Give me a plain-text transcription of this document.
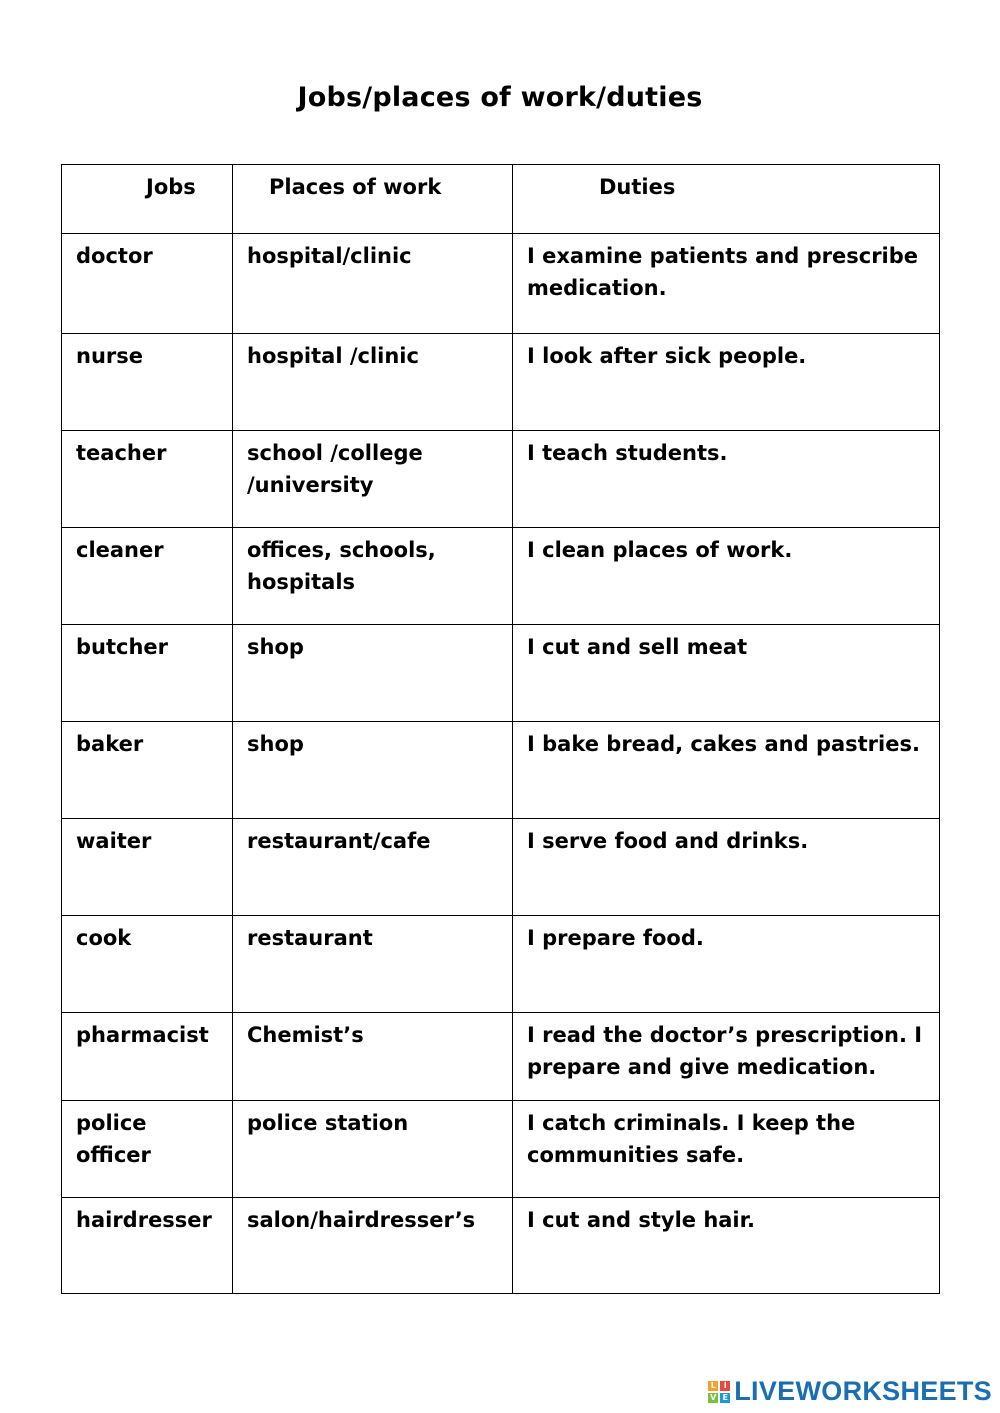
Jobs/places of work/duties
Jobs	Places of work	Duties
doctor	hospital/clinic	I examine patients and prescribe medication.
nurse	hospital /clinic	I look after sick people.
teacher	school /college /university	I teach students.
cleaner	offices, schools, hospitals	I clean places of work.
butcher	shop	I cut and sell meat
baker	shop	I bake bread, cakes and pastries.
waiter	restaurant/cafe	I serve food and drinks.
cook	restaurant	I prepare food.
pharmacist	Chemist’s	I read the doctor’s prescription. I prepare and give medication.
police officer	police station	I catch criminals. I keep the communities safe.
hairdresser	salon/hairdresser’s	I cut and style hair.
L I
V E LIVEWORKSHEETS
